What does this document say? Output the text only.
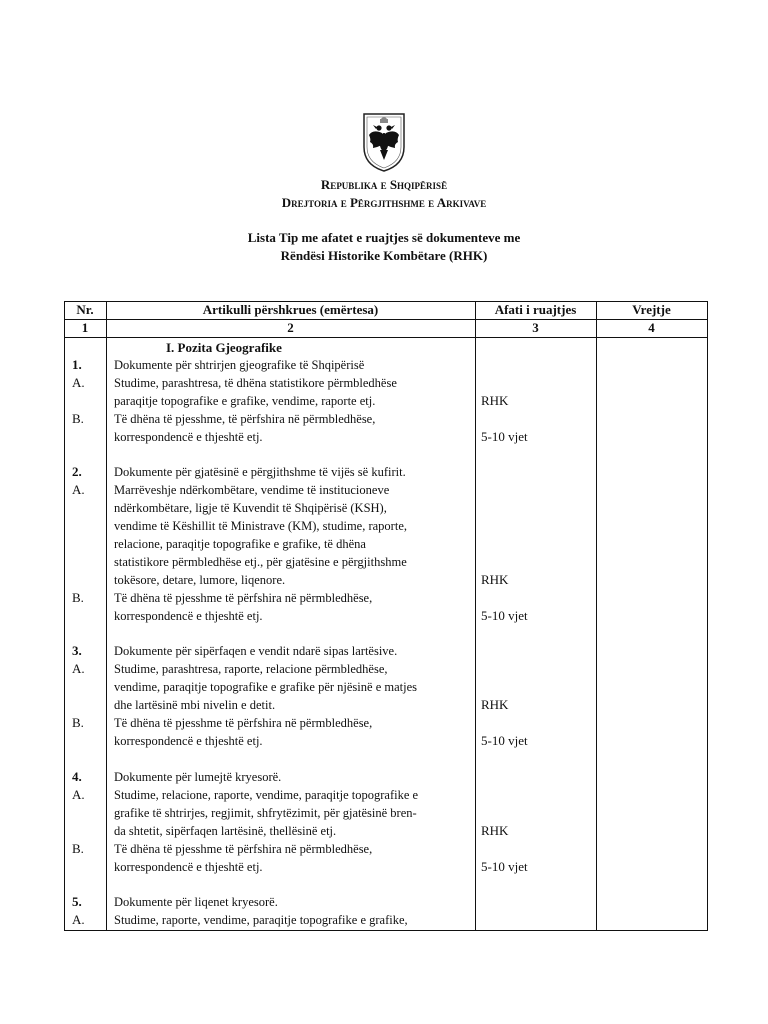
Republika e Shqipërisë
Drejtoria e Përgjithshme e Arkivave
Lista Tip me afatet e ruajtjes së dokumenteve me
Rëndësi Historike Kombëtare (RHK)
Nr.	Artikulli përshkrues (emërtesa)	Afati i ruajtjes	Vrejtje
1	2	3	4
I. Pozita Gjeografike
1.	Dokumente për shtrirjen gjeografike të Shqipërisë
A. Studime, parashtresa, të dhëna statistikore përmbledhëse
paraqitje topografike e grafike, vendime, raporte etj.	RHK
B. Të dhëna të pjesshme, të përfshira në përmbledhëse,
korrespondencë e thjeshtë etj.	5-10 vjet
2.	Dokumente për gjatësinë e përgjithshme të vijës së kufirit.
A. Marrëveshje ndërkombëtare, vendime të institucioneve
ndërkombëtare, ligje të Kuvendit të Shqipërisë (KSH),
vendime të Këshillit të Ministrave (KM), studime, raporte,
relacione, paraqitje topografike e grafike, të dhëna
statistikore përmbledhëse etj., për gjatësine e përgjithshme
tokësore, detare, lumore, liqenore.	RHK
B. Të dhëna të pjesshme të përfshira në përmbledhëse,
korrespondencë e thjeshtë etj.	5-10 vjet
3.	Dokumente për sipërfaqen e vendit ndarë sipas lartësive.
A. Studime, parashtresa, raporte, relacione përmbledhëse,
vendime, paraqitje topografike e grafike për njësinë e matjes
dhe lartësinë mbi nivelin e detit.	RHK
B. Të dhëna të pjesshme të përfshira në përmbledhëse,
korrespondencë e thjeshtë etj.	5-10 vjet
4.	Dokumente për lumejtë kryesorë.
A. Studime, relacione, raporte, vendime, paraqitje topografike e
grafike të shtrirjes, regjimit, shfrytëzimit, për gjatësinë bren-
da shtetit, sipërfaqen lartësinë, thellësinë etj.	RHK
B. Të dhëna të pjesshme të përfshira në përmbledhëse,
korrespondencë e thjeshtë etj.	5-10 vjet
5.	Dokumente për liqenet kryesorë.
A. Studime, raporte, vendime, paraqitje topografike e grafike,
